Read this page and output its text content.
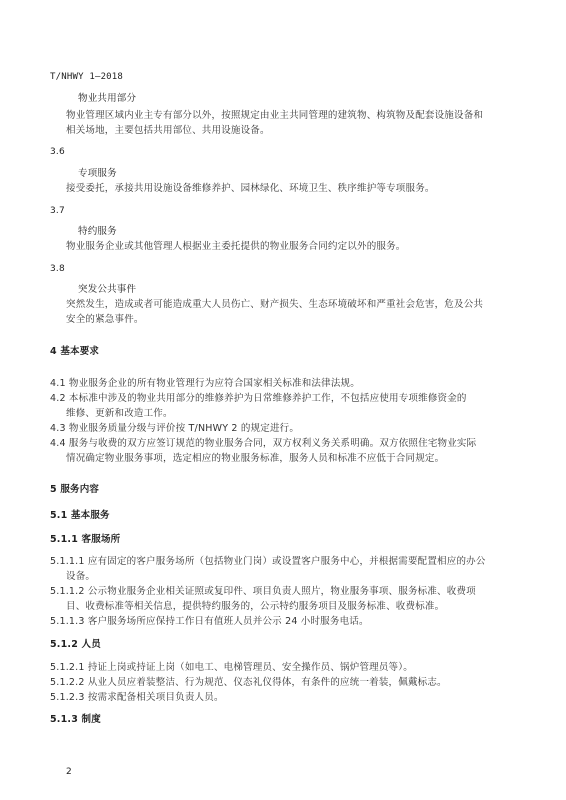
T/NHWY 1—2018
物业共用部分
物业管理区域内业主专有部分以外，按照规定由业主共同管理的建筑物、构筑物及配套设施设备和
相关场地，主要包括共用部位、共用设施设备。
3.6
专项服务
接受委托，承接共用设施设备维修养护、园林绿化、环境卫生、秩序维护等专项服务。
3.7
特约服务
物业服务企业或其他管理人根据业主委托提供的物业服务合同约定以外的服务。
3.8
突发公共事件
突然发生，造成或者可能造成重大人员伤亡、财产损失、生态环境破坏和严重社会危害，危及公共
安全的紧急事件。
4 基本要求
4.1 物业服务企业的所有物业管理行为应符合国家相关标准和法律法规。
4.2 本标准中涉及的物业共用部分的维修养护为日常维修养护工作，不包括应使用专项维修资金的
维修、更新和改造工作。
4.3 物业服务质量分级与评价按 T/NHWY 2 的规定进行。
4.4 服务与收费的双方应签订规范的物业服务合同，双方权利义务关系明确。双方依照住宅物业实际
情况确定物业服务事项，选定相应的物业服务标准，服务人员和标准不应低于合同规定。
5 服务内容
5.1 基本服务
5.1.1 客服场所
5.1.1.1 应有固定的客户服务场所（包括物业门岗）或设置客户服务中心，并根据需要配置相应的办公
设备。
5.1.1.2 公示物业服务企业相关证照或复印件、项目负责人照片，物业服务事项、服务标准、收费项
目、收费标准等相关信息，提供特约服务的，公示特约服务项目及服务标准、收费标准。
5.1.1.3 客户服务场所应保持工作日有值班人员并公示 24 小时服务电话。
5.1.2 人员
5.1.2.1 持证上岗或持证上岗（如电工、电梯管理员、安全操作员、锅炉管理员等）。
5.1.2.2 从业人员应着装整洁、行为规范、仪态礼仪得体，有条件的应统一着装，佩戴标志。
5.1.2.3 按需求配备相关项目负责人员。
5.1.3 制度
2
